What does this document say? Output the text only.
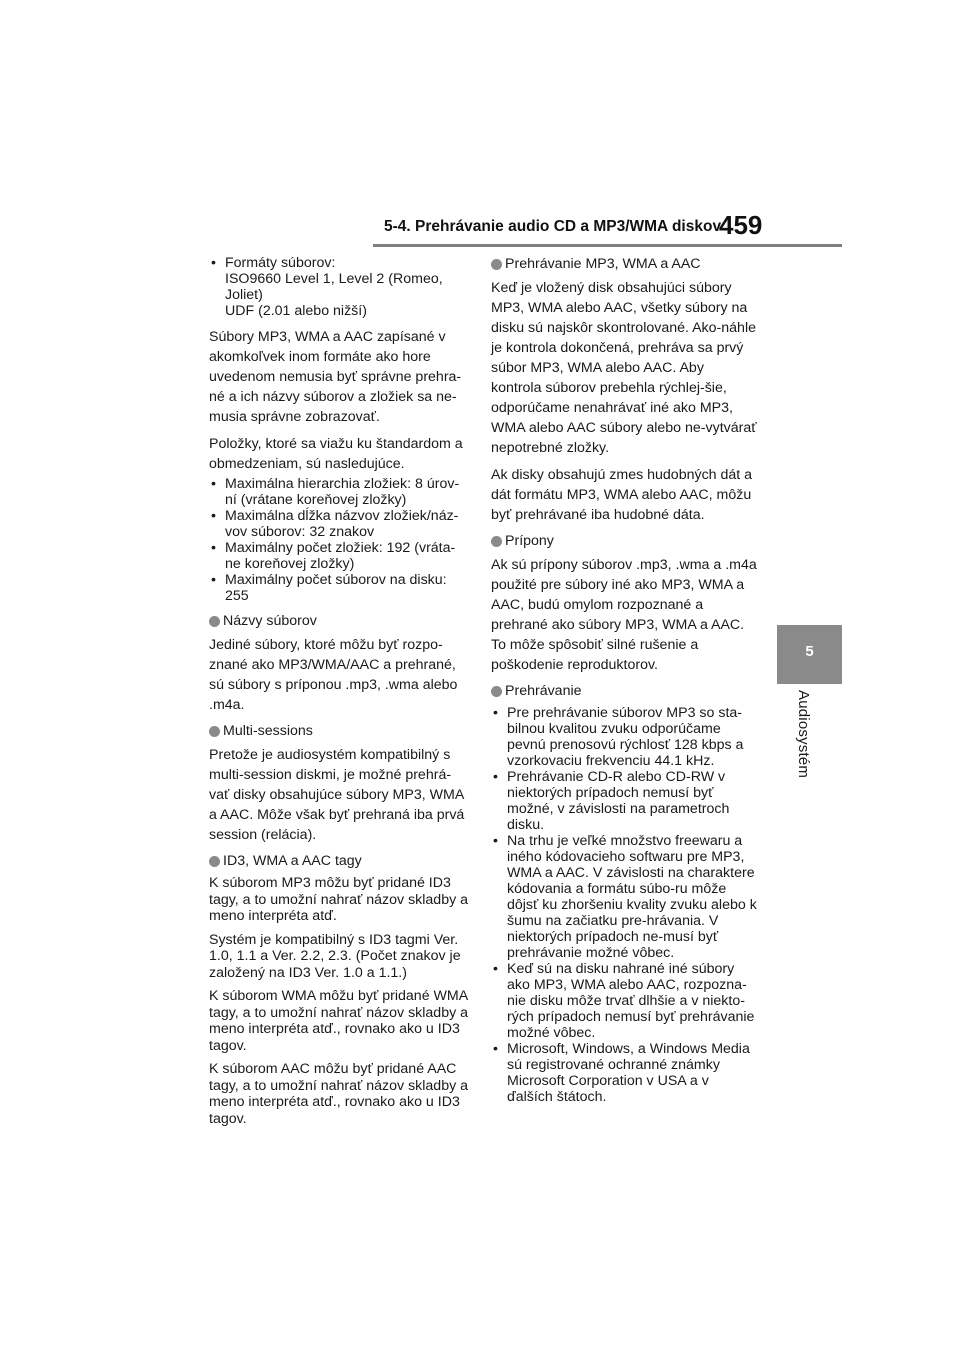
5-4. Prehrávanie audio CD a MP3/WMA diskov
459
5
Audiosystém
• Formáty súborov:
ISO9660 Level 1, Level 2 (Romeo,
Joliet)
UDF (2.01 alebo nižší)

Súbory MP3, WMA a AAC zapísané v akomkoľvek inom formáte ako hore uvedenom nemusia byť správne prehra-né a ich názvy súborov a zložiek sa ne-musia správne zobrazovať.

Položky, ktoré sa viažu ku štandardom a obmedzeniam, sú nasledujúce.

• Maximálna hierarchia zložiek: 8 úrov-ní (vrátane koreňovej zložky)
• Maximálna dĺžka názvov zložiek/náz-vov súborov: 32 znakov
• Maximálny počet zložiek: 192 (vráta-ne koreňovej zložky)
• Maximálny počet súborov na disku: 255
Názvy súborov

Jediné súbory, ktoré môžu byť rozpo-znané ako MP3/WMA/AAC a prehrané, sú súbory s príponou .mp3, .wma alebo .m4a.

Multi-sessions

Pretože je audiosystém kompatibilný s multi-session diskmi, je možné prehrá-vať disky obsahujúce súbory MP3, WMA a AAC. Môže však byť prehraná iba prvá session (relácia).

ID3, WMA a AAC tagy

K súborom MP3 môžu byť pridané ID3 tagy, a to umožní nahrať názov skladby a meno interpréta atď.

Systém je kompatibilný s ID3 tagmi Ver. 1.0, 1.1 a Ver. 2.2, 2.3. (Počet znakov je založený na ID3 Ver. 1.0 a 1.1.)

K súborom WMA môžu byť pridané WMA tagy, a to umožní nahrať názov skladby a meno interpréta atď., rovnako ako u ID3 tagov.

K súborom AAC môžu byť pridané AAC tagy, a to umožní nahrať názov skladby a meno interpréta atď., rovnako ako u ID3 tagov.

Prehrávanie MP3, WMA a AAC

Keď je vložený disk obsahujúci súbory MP3, WMA alebo AAC, všetky súbory na disku sú najskôr skontrolované. Ako-náhle je kontrola dokončená, prehráva sa prvý súbor MP3, WMA alebo AAC. Aby kontrola súborov prebehla rýchlej-šie, odporúčame nenahrávať iné ako MP3, WMA alebo AAC súbory alebo ne-vytvárať nepotrebné zložky.

Ak disky obsahujú zmes hudobných dát a dát formátu MP3, WMA alebo AAC, môžu byť prehrávané iba hudobné dáta.

Prípony

Ak sú prípony súborov .mp3, .wma a .m4a použité pre súbory iné ako MP3, WMA a AAC, budú omylom rozpoznané a prehrané ako súbory MP3, WMA a AAC. To môže spôsobiť silné rušenie a poškodenie reproduktorov.

Prehrávanie
• Pre prehrávanie súborov MP3 so sta-bilnou kvalitou zvuku odporúčame pevnú prenosovú rýchlosť 128 kbps a vzorkovaciu frekvenciu 44.1 kHz.
• Prehrávanie CD-R alebo CD-RW v niektorých prípadoch nemusí byť možné, v závislosti na parametroch disku.
• Na trhu je veľké množstvo freewaru a iného kódovacieho softwaru pre MP3, WMA a AAC. V závislosti na charaktere kódovania a formátu súbo-ru môže dôjsť ku zhoršeniu kvality zvuku alebo k šumu na začiatku pre-hrávania. V niektorých prípadoch ne-musí byť prehrávanie možné vôbec.
• Keď sú na disku nahrané iné súbory ako MP3, WMA alebo AAC, rozpozna-nie disku môže trvať dlhšie a v niekto-rých prípadoch nemusí byť prehrávanie možné vôbec.
• Microsoft, Windows, a Windows Media sú registrované ochranné známky Microsoft Corporation v USA a v ďalších štátoch.
